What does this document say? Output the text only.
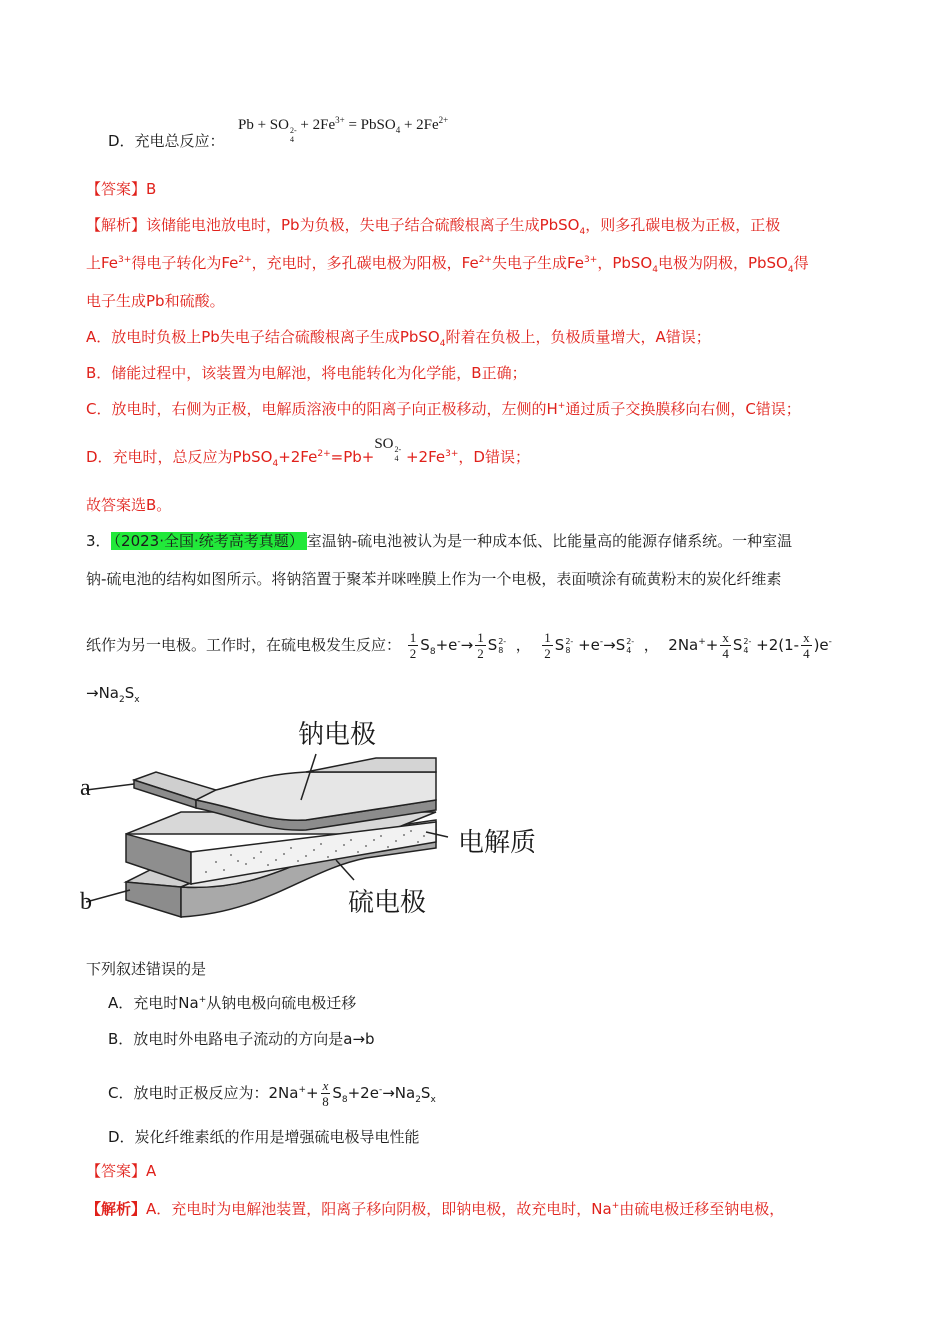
D．充电总反应：
Pb + SO 2-
4
+ $2Fe^{3+}$ = PbSO$_4$ + $2Fe^{2+}$
【答案】B
【解析】该储能电池放电时，Pb为负极，失电子结合硫酸根离子生成PbSO$_4$，则多孔碳电极为正极，正极
上$Fe^{3+}$得电子转化为$Fe^{2+}$，充电时，多孔碳电极为阳极，$Fe^{2+}$失电子生成$Fe^{3+}$，PbSO$_4$电极为阴极，PbSO$_4$得
电子生成Pb和硫酸。
A．放电时负极上Pb失电子结合硫酸根离子生成PbSO$_4$附着在负极上，负极质量增大，A错误；
B．储能过程中，该装置为电解池，将电能转化为化学能，B正确；
C．放电时，右侧为正极，电解质溶液中的阳离子向正极移动，左侧的H+通过质子交换膜移向右侧，C错误；
D．充电时，总反应为$PbSO_4+2Fe^{2+}=Pb+SO$ 2-
$4 +2Fe^{3+}$，D错误；
故答案选B。
3． （2023·全国·统考高考真题） 室温钠-硫电池被认为是一种成本低、比能量高的能源存储系统。一种室温
钠-硫电池的结构如图所示。将钠箔置于聚苯并咪唑膜上作为一个电极，表面喷涂有硫黄粉末的炭化纤维素
纸作为另一电极。工作时，在硫电极发生反应： $\frac{1}{2} S_8+e^-\to \frac{1}{2}$ S 2-
8 ， $\frac{1}{2}$ S 2-
8 +e-→S 2-
4 ，  $2Na^++ \frac{x}{4}$ S 2-
$4 +2(1- \frac{x}{4} )e^-$
$\to Na_2S_x$
a
b
钠电极
电解质
硫电极
下列叙述错误的是
A．充电时Na+从钠电极向硫电极迁移
B．放电时外电路电子流动的方向是a→b
C．放电时正极反应为：$2Na^++ \frac{x}{8} S_8+2e^-\to Na_2S_x$
D．炭化纤维素纸的作用是增强硫电极导电性能
【答案】A
【解析】A．充电时为电解池装置，阳离子移向阴极，即钠电极，故充电时，Na+由硫电极迁移至钠电极，
